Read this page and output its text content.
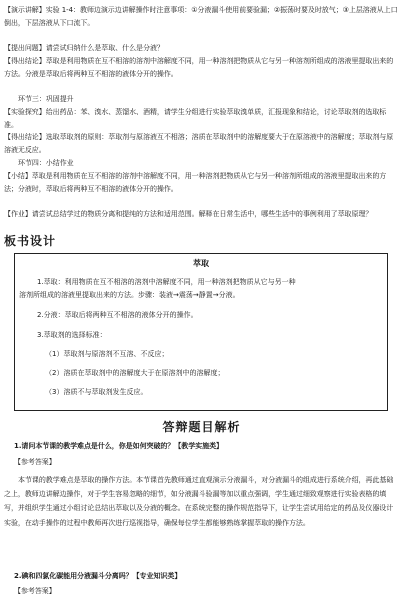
【演示讲解】实验 1-4：教师边演示边讲解操作时注意事项：①分液漏斗使用前要验漏；②振荡时要及时放气；③上层溶液从上口倒出，下层溶液从下口流下。
【提出问题】请尝试归纳什么是萃取、什么是分液？
【得出结论】萃取是利用物质在互不相溶的溶剂中溶解度不同，用一种溶剂把物质从它与另一种溶剂所组成的溶液里提取出来的方法。分液是萃取后将两种互不相溶的液体分开的操作。
环节三：巩固提升
【实验探究】给出药品：苯、溴水、蒸馏水、酒精，请学生分组进行实验萃取溴单质，汇报现象和结论，讨论萃取剂的选取标准。
【得出结论】选取萃取剂的原则：萃取剂与原溶液互不相溶；溶质在萃取剂中的溶解度要大于在原溶液中的溶解度；萃取剂与原溶液无反应。
环节四：小结作业
【小结】萃取是利用物质在互不相溶的溶剂中溶解度不同，用一种溶剂把物质从它与另一种溶剂所组成的溶液里提取出来的方法；分液时，萃取后将两种互不相溶的液体分开的操作。
【作业】请尝试总结学过的物质分离和提纯的方法和适用范围。解释在日常生活中，哪些生活中的事例利用了萃取原理？
板书设计
萃取
1.萃取：利用物质在互不相溶的溶剂中溶解度不同，用一种溶剂把物质从它与另一种
溶剂所组成的溶液里提取出来的方法。步骤：装液→震荡→静置→分液。
2.分液：萃取后将两种互不相溶的液体分开的操作。
3.萃取剂的选择标准：
（1）萃取剂与原溶剂不互溶、不反应；
（2）溶质在萃取剂中的溶解度大于在原溶剂中的溶解度；
（3）溶质不与萃取剂发生反应。
答辩题目解析
1.请问本节课的教学难点是什么，你是如何突破的？【教学实施类】
【参考答案】
本节课的教学难点是萃取的操作方法。本节课首先教师通过直观演示分液漏斗，对分液漏斗的组成进行系统介绍，再此基础之上，教师边讲解边操作，对于学生容易忽略的细节，如分液漏斗验漏等加以重点强调，学生通过细致观察进行实验表格的填写，并组织学生通过小组讨论总结出萃取以及分液的概念。在系统完整的操作规范指导下，让学生尝试用给定的药品及仪器设计实验，在动手操作的过程中教师再次进行巡视指导，确保每位学生都能够熟练掌握萃取的操作方法。
2.碘和四氯化碳能用分液漏斗分离吗？【专业知识类】
【参考答案】
